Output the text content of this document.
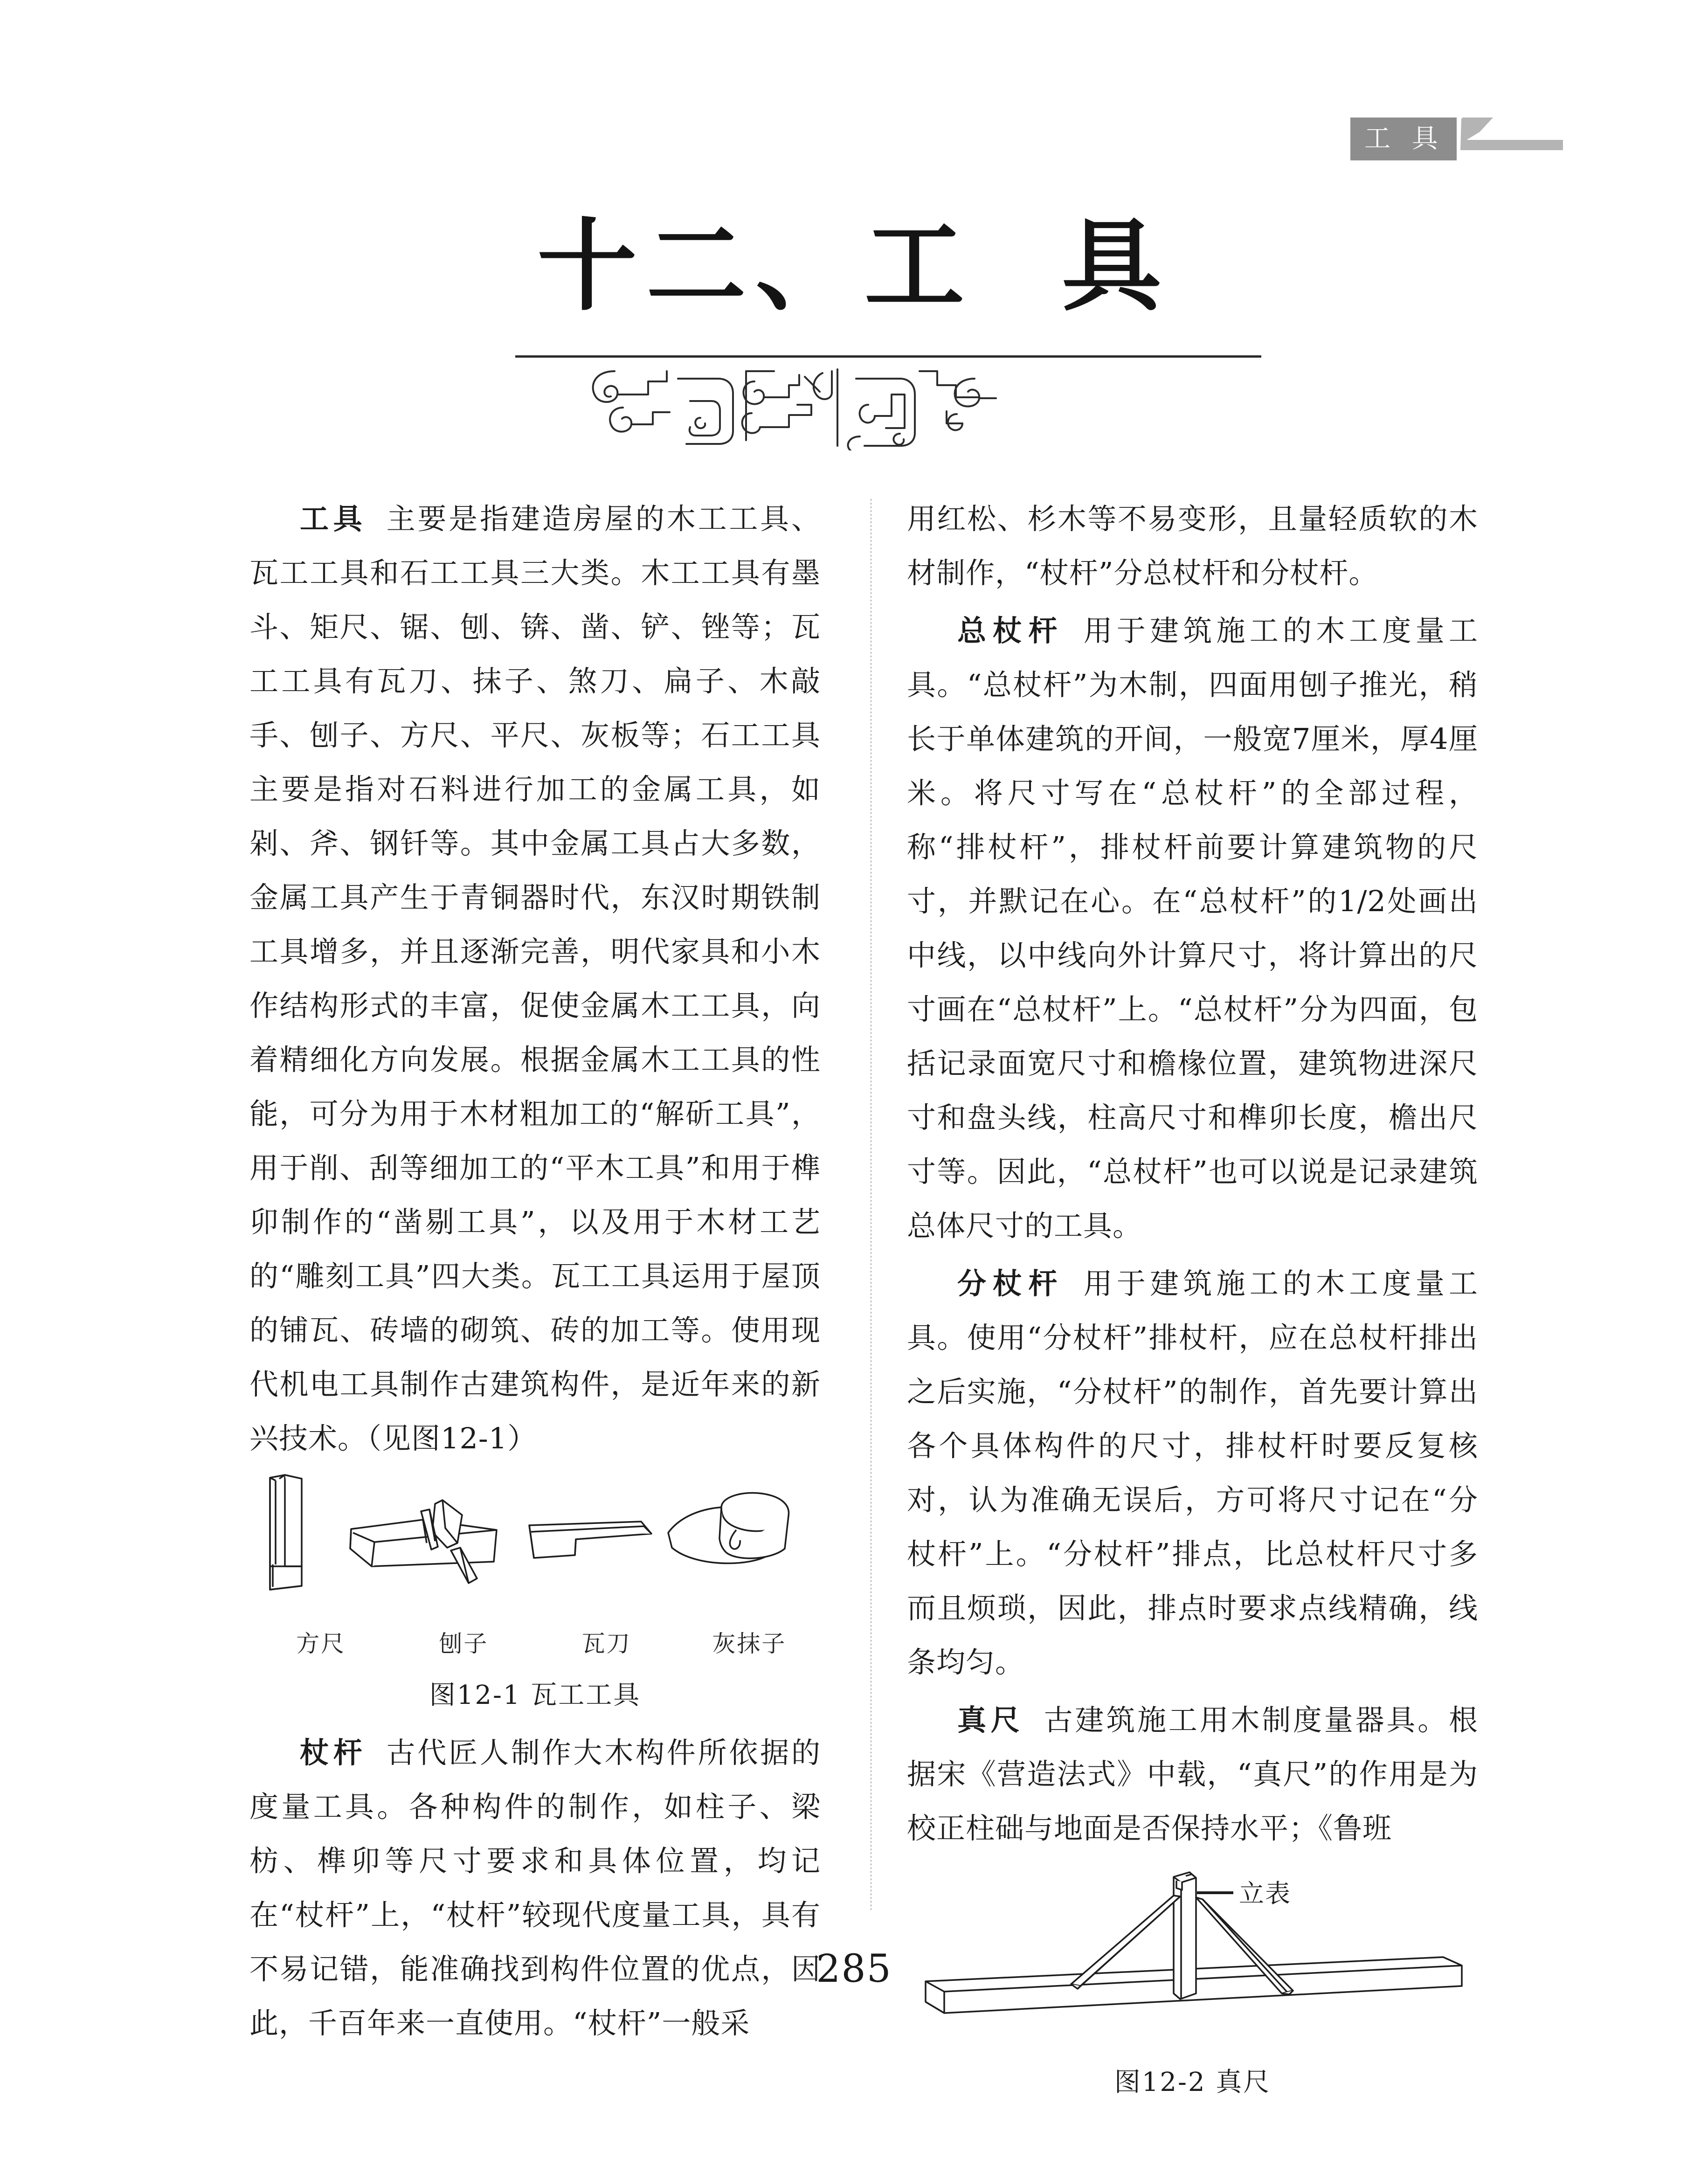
工 具
十二、工  具

工具 主要是指建造房屋的木工工具、瓦工工具和石工工具三大类。木工工具有墨斗、矩尺、锯、刨、锛、凿、铲、锉等；瓦工工具有瓦刀、抹子、煞刀、扁子、木敲手、刨子、方尺、平尺、灰板等；石工工具主要是指对石料进行加工的金属工具，如剁、斧、钢钎等。其中金属工具占大多数，金属工具产生于青铜器时代，东汉时期铁制工具增多，并且逐渐完善，明代家具和小木作结构形式的丰富，促使金属木工工具，向着精细化方向发展。根据金属木工工具的性能，可分为用于木材粗加工的“解斫工具”，用于削、刮等细加工的“平木工具”和用于榫卯制作的“凿剔工具”，以及用于木材工艺的“雕刻工具”四大类。瓦工工具运用于屋顶的铺瓦、砖墙的砌筑、砖的加工等。使用现代机电工具制作古建筑构件，是近年来的新兴技术。（见图12-1）

方尺	刨子	瓦刀	灰抹子
图12-1 瓦工工具

杖杆 古代匠人制作大木构件所依据的度量工具。各种构件的制作，如柱子、梁枋、榫卯等尺寸要求和具体位置，均记在“杖杆”上，“杖杆”较现代度量工具，具有不易记错，能准确找到构件位置的优点，因此，千百年来一直使用。“杖杆”一般采

用红松、杉木等不易变形，且量轻质软的木材制作，“杖杆”分总杖杆和分杖杆。

总杖杆 用于建筑施工的木工度量工具。“总杖杆”为木制，四面用刨子推光，稍长于单体建筑的开间，一般宽7厘米，厚4厘米。将尺寸写在“总杖杆”的全部过程，称“排杖杆”，排杖杆前要计算建筑物的尺寸，并默记在心。在“总杖杆”的1/2处画出中线，以中线向外计算尺寸，将计算出的尺寸画在“总杖杆”上。“总杖杆”分为四面，包括记录面宽尺寸和檐椽位置，建筑物进深尺寸和盘头线，柱高尺寸和榫卯长度，檐出尺寸等。因此，“总杖杆”也可以说是记录建筑总体尺寸的工具。

分杖杆 用于建筑施工的木工度量工具。使用“分杖杆”排杖杆，应在总杖杆排出之后实施，“分杖杆”的制作，首先要计算出各个具体构件的尺寸，排杖杆时要反复核对，认为准确无误后，方可将尺寸记在“分杖杆”上。“分杖杆”排点，比总杖杆尺寸多而且烦琐，因此，排点时要求点线精确，线条均匀。

真尺 古建筑施工用木制度量器具。根据宋《营造法式》中载，“真尺”的作用是为校正柱础与地面是否保持水平；《鲁班

立表
图12-2 真尺
285
